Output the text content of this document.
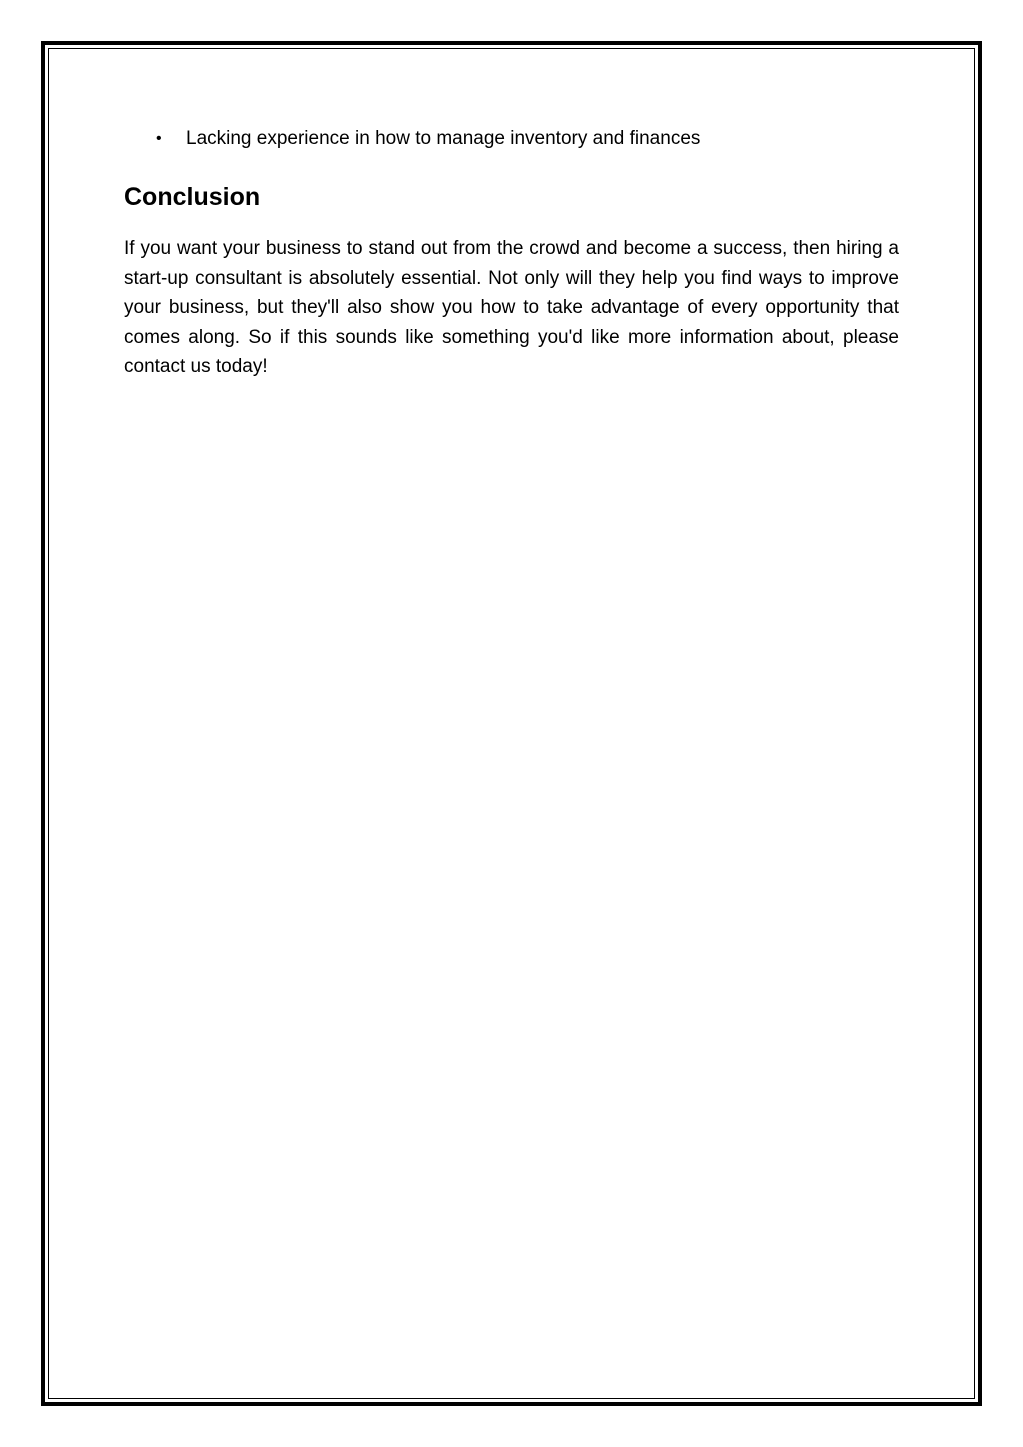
• Lacking experience in how to manage inventory and finances
Conclusion

If you want your business to stand out from the crowd and become a success, then hiring a start-up consultant is absolutely essential. Not only will they help you find ways to improve your business, but they'll also show you how to take advantage of every opportunity that comes along. So if this sounds like something you'd like more information about, please contact us today!
